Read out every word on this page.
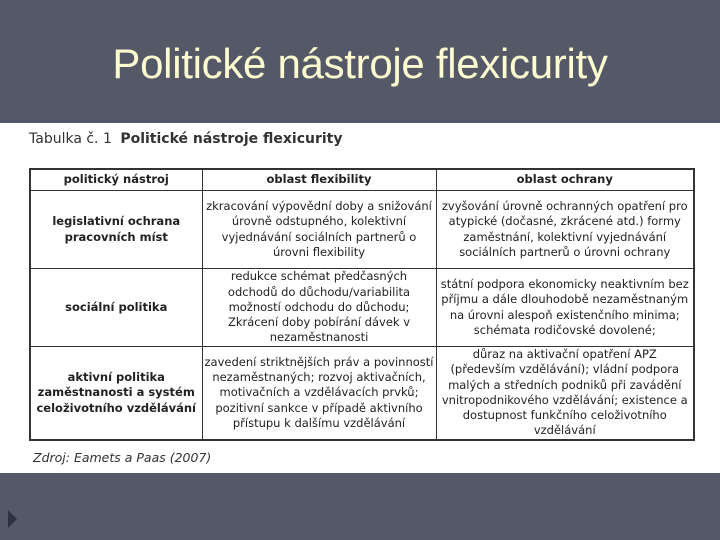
Politické nástroje flexicurity
Tabulka č. 1 Politické nástroje flexicurity
politický nástroj	oblast flexibility	oblast ochrany
legislativní ochrana pracovních míst	zkracování výpovědní doby a snižování úrovně odstupného, kolektivní vyjednávání sociálních partnerů o úrovni flexibility	zvyšování úrovně ochranných opatření pro atypické (dočasné, zkrácené atd.) formy zaměstnání, kolektivní vyjednávání sociálních partnerů o úrovni ochrany
sociální politika	redukce schémat předčasných odchodů do důchodu/variabilita možností odchodu do důchodu; Zkrácení doby pobírání dávek v nezaměstnanosti	státní podpora ekonomicky neaktivním bez příjmu a dále dlouhodobě nezaměstnaným na úrovni alespoň existenčního minima; schémata rodičovské dovolené;
aktivní politika zaměstnanosti a systém celoživotního vzdělávání	zavedení striktnějších práv a povinností nezaměstnaných; rozvoj aktivačních, motivačních a vzdělávacích prvků; pozitivní sankce v případě aktivního přístupu k dalšímu vzdělávání	důraz na aktivační opatření APZ (především vzdělávání); vládní podpora malých a středních podniků při zavádění vnitropodnikového vzdělávání; existence a dostupnost funkčního celoživotního vzdělávání
Zdroj: Eamets a Paas (2007)
